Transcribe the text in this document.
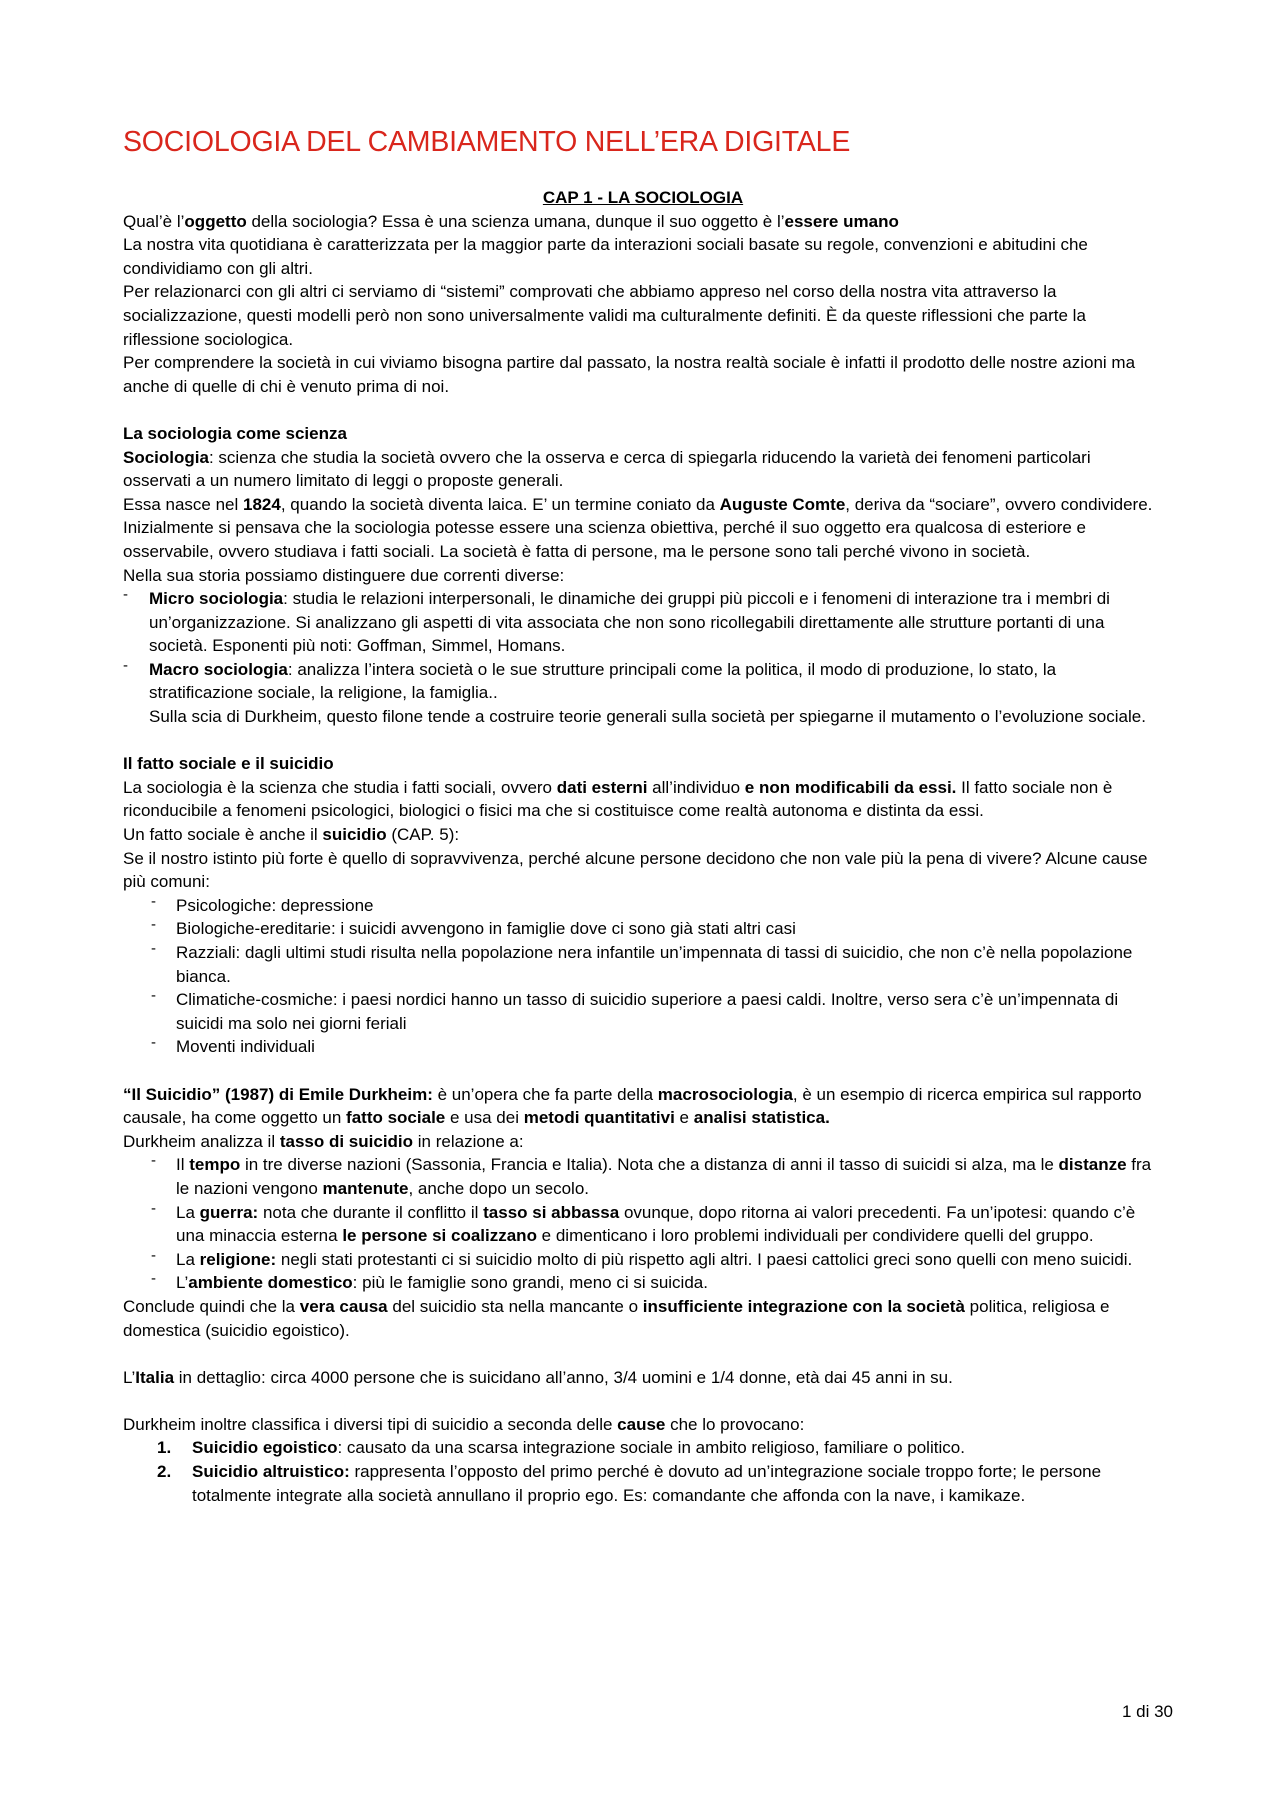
SOCIOLOGIA DEL CAMBIAMENTO NELL’ERA DIGITALE

CAP 1 - LA SOCIOLOGIA

Qual’è l’oggetto della sociologia? Essa è una scienza umana, dunque il suo oggetto è l’essere umano

La nostra vita quotidiana è caratterizzata per la maggior parte da interazioni sociali basate su regole, convenzioni e abitudini che condividiamo con gli altri.

Per relazionarci con gli altri ci serviamo di “sistemi” comprovati che abbiamo appreso nel corso della nostra vita attraverso la socializzazione, questi modelli però non sono universalmente validi ma culturalmente definiti. È da queste riflessioni che parte la riflessione sociologica.

Per comprendere la società in cui viviamo bisogna partire dal passato, la nostra realtà sociale è infatti il prodotto delle nostre azioni ma anche di quelle di chi è venuto prima di noi.

La sociologia come scienza

Sociologia: scienza che studia la società ovvero che la osserva e cerca di spiegarla riducendo la varietà dei fenomeni particolari osservati a un numero limitato di leggi o proposte generali.

Essa nasce nel 1824, quando la società diventa laica. E’ un termine coniato da Auguste Comte, deriva da “sociare”, ovvero condividere. Inizialmente si pensava che la sociologia potesse essere una scienza obiettiva, perché il suo oggetto era qualcosa di esteriore e osservabile, ovvero studiava i fatti sociali. La società è fatta di persone, ma le persone sono tali perché vivono in società.

Nella sua storia possiamo distinguere due correnti diverse:

- Micro sociologia: studia le relazioni interpersonali, le dinamiche dei gruppi più piccoli e i fenomeni di interazione tra i membri di un’organizzazione. Si analizzano gli aspetti di vita associata che non sono ricollegabili direttamente alle strutture portanti di una società. Esponenti più noti: Goffman, Simmel, Homans.
- Macro sociologia: analizza l’intera società o le sue strutture principali come la politica, il modo di produzione, lo stato, la stratificazione sociale, la religione, la famiglia..
Sulla scia di Durkheim, questo filone tende a costruire teorie generali sulla società per spiegarne il mutamento o l’evoluzione sociale.

Il fatto sociale e il suicidio

La sociologia è la scienza che studia i fatti sociali, ovvero dati esterni all’individuo e non modificabili da essi. Il fatto sociale non è riconducibile a fenomeni psicologici, biologici o fisici ma che si costituisce come realtà autonoma e distinta da essi.

Un fatto sociale è anche il suicidio (CAP. 5):

Se il nostro istinto più forte è quello di sopravvivenza, perché alcune persone decidono che non vale più la pena di vivere? Alcune cause più comuni:

- Psicologiche: depressione
- Biologiche-ereditarie: i suicidi avvengono in famiglie dove ci sono già stati altri casi
- Razziali: dagli ultimi studi risulta nella popolazione nera infantile un’impennata di tassi di suicidio, che non c’è nella popolazione bianca.
- Climatiche-cosmiche: i paesi nordici hanno un tasso di suicidio superiore a paesi caldi. Inoltre, verso sera c’è un’impennata di suicidi ma solo nei giorni feriali
- Moventi individuali

“Il Suicidio” (1987) di Emile Durkheim: è un’opera che fa parte della macrosociologia, è un esempio di ricerca empirica sul rapporto causale, ha come oggetto un fatto sociale e usa dei metodi quantitativi e analisi statistica.

Durkheim analizza il tasso di suicidio in relazione a:

- Il tempo in tre diverse nazioni (Sassonia, Francia e Italia). Nota che a distanza di anni il tasso di suicidi si alza, ma le distanze fra le nazioni vengono mantenute, anche dopo un secolo.
- La guerra: nota che durante il conflitto il tasso si abbassa ovunque, dopo ritorna ai valori precedenti. Fa un’ipotesi: quando c’è una minaccia esterna le persone si coalizzano e dimenticano i loro problemi individuali per condividere quelli del gruppo.
- La religione: negli stati protestanti ci si suicidio molto di più rispetto agli altri. I paesi cattolici greci sono quelli con meno suicidi.
- L’ambiente domestico: più le famiglie sono grandi, meno ci si suicida.

Conclude quindi che la vera causa del suicidio sta nella mancante o insufficiente integrazione con la società politica, religiosa e domestica (suicidio egoistico).

L’Italia in dettaglio: circa 4000 persone che is suicidano all’anno, 3/4 uomini e 1/4 donne, età dai 45 anni in su.

Durkheim inoltre classifica i diversi tipi di suicidio a seconda delle cause che lo provocano:

1. Suicidio egoistico: causato da una scarsa integrazione sociale in ambito religioso, familiare o politico.
2. Suicidio altruistico: rappresenta l’opposto del primo perché è dovuto ad un’integrazione sociale troppo forte; le persone totalmente integrate alla società annullano il proprio ego. Es: comandante che affonda con la nave, i kamikaze.
1 di 30
